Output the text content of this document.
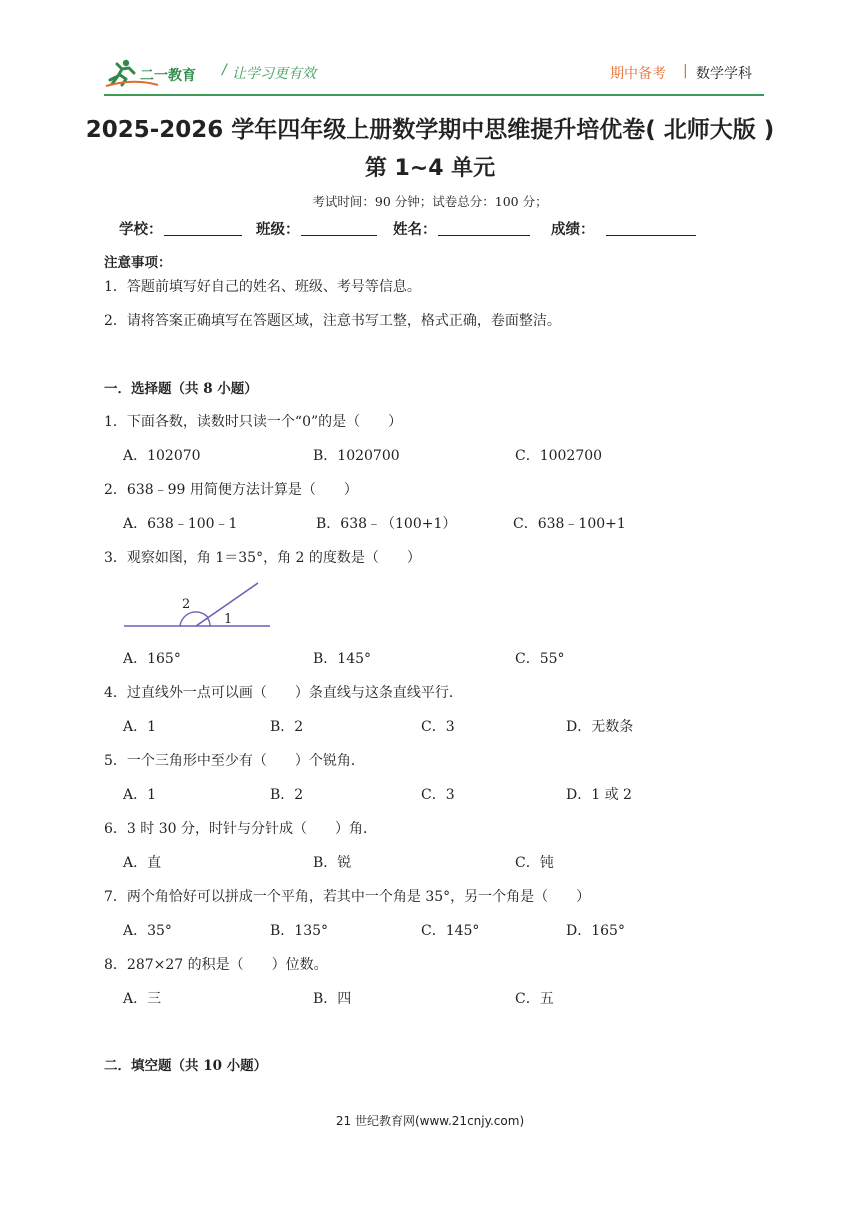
二一教育 / 让学习更有效	期中备考 | 数学学科
2025-2026 学年四年级上册数学期中思维提升培优卷( 北师大版 )
第 1~4 单元
考试时间：90 分钟；试卷总分：100 分；
学校：	班级：	姓名：	成绩：
注意事项：
1．答题前填写好自己的姓名、班级、考号等信息。
2．请将答案正确填写在答题区域，注意书写工整，格式正确，卷面整洁。
一．选择题（共 8 小题）
1．下面各数，读数时只读一个“0”的是（　　）
A．102070	B．1020700	C．1002700
2．638﹣99 用简便方法计算是（　　）
A．638﹣100﹣1	B．638﹣（100+1）	C．638﹣100+1
3．观察如图，角 1＝35°，角 2 的度数是（　　）
2
1
A．165°	B．145°	C．55°
4．过直线外一点可以画（　　）条直线与这条直线平行．
A．1	B．2	C．3	D．无数条
5．一个三角形中至少有（　　）个锐角．
A．1	B．2	C．3	D．1 或 2
6．3 时 30 分，时针与分针成（　　）角．
A．直	B．锐	C．钝
7．两个角恰好可以拼成一个平角，若其中一个角是 35°，另一个角是（　　）
A．35°	B．135°	C．145°	D．165°
8．287×27 的积是（　　）位数。
A．三	B．四	C．五
二．填空题（共 10 小题）
21 世纪教育网(www.21cnjy.com)
